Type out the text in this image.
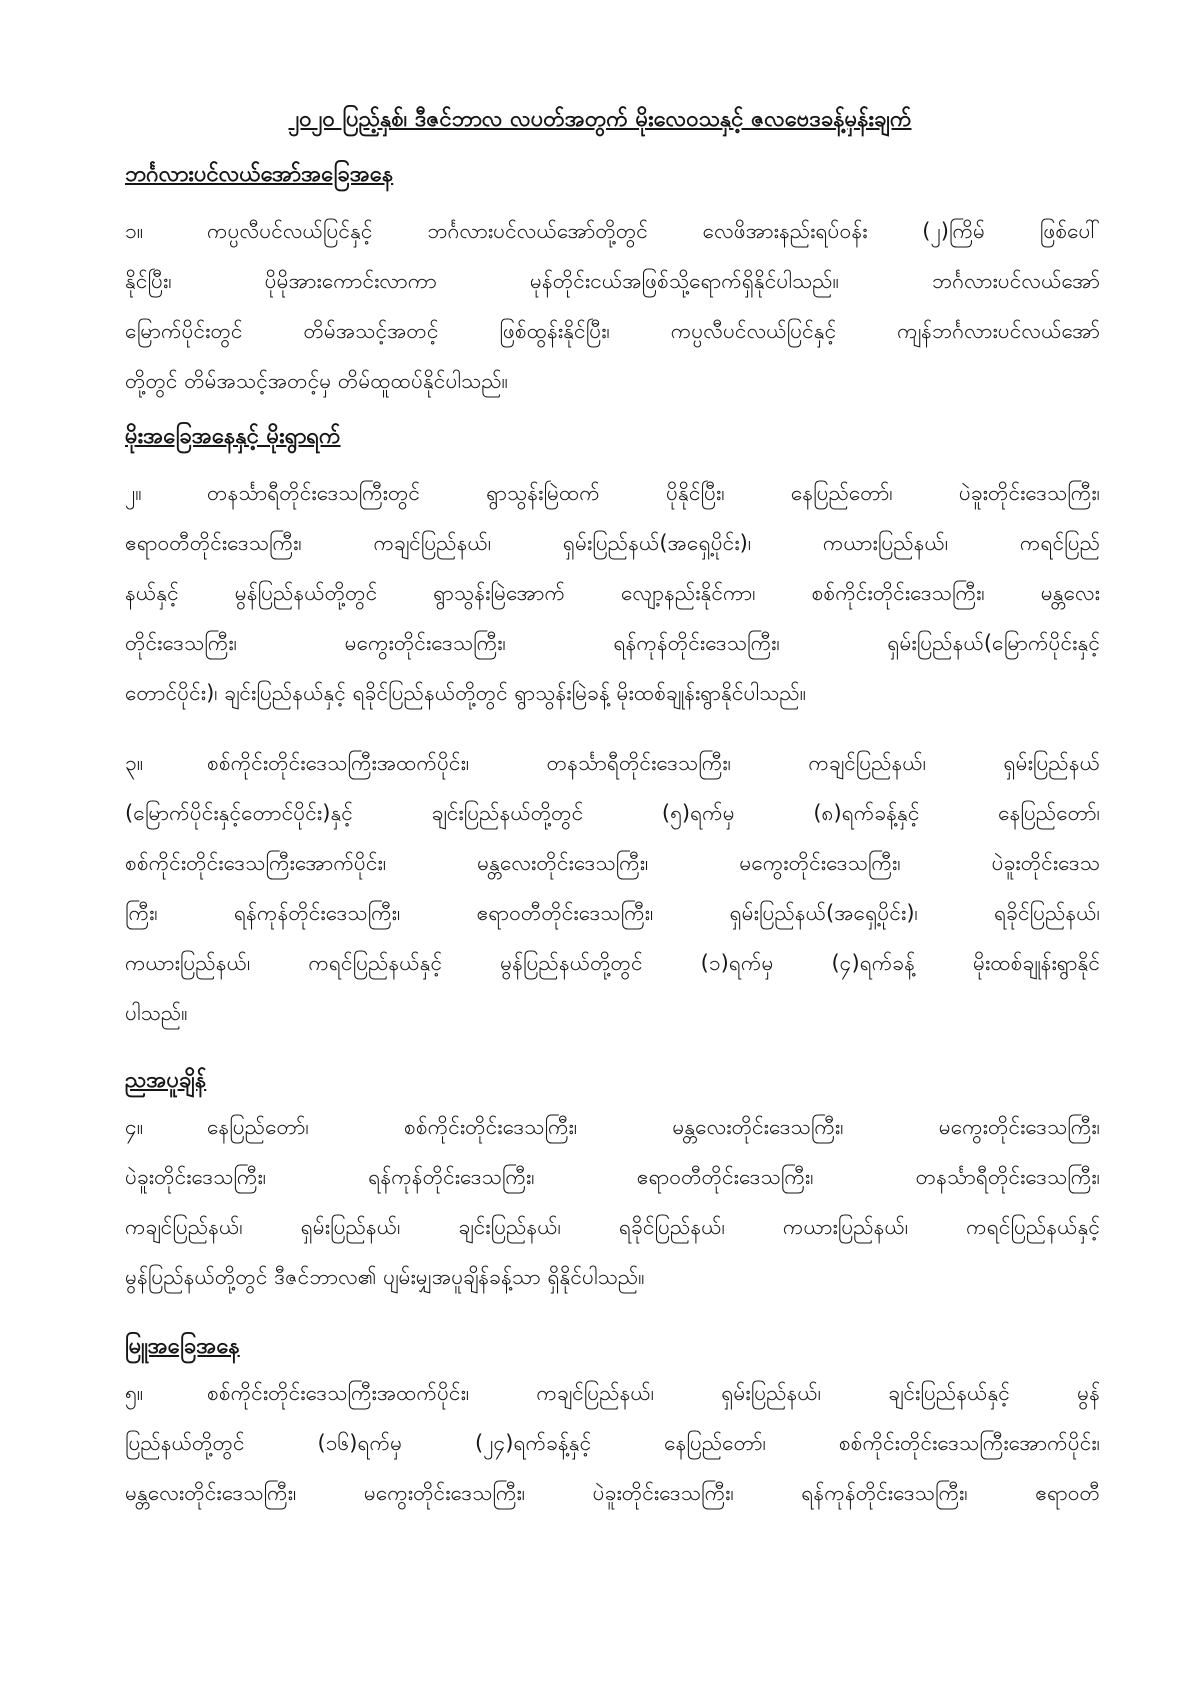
၂၀၂၀ ပြည့်နှစ်၊ ဒီဇင်ဘာလ လပတ်အတွက် မိုးလေဝသနှင့် ဇလဗေဒခန့်မှန်းချက်
ဘင်္ဂလားပင်လယ်အော်အခြေအနေ
၁။	ကပ္ပလီပင်လယ်ပြင်နှင့် ဘင်္ဂလားပင်လယ်အော်တို့တွင် လေဖိအားနည်းရပ်ဝန်း (၂)ကြိမ် ဖြစ်ပေါ်
နိုင်ပြီး၊ ပိုမိုအားကောင်းလာကာ မုန်တိုင်းငယ်အဖြစ်သို့ရောက်ရှိနိုင်ပါသည်။ ဘင်္ဂလားပင်လယ်အော်
မြောက်ပိုင်းတွင် တိမ်အသင့်အတင့် ဖြစ်ထွန်းနိုင်ပြီး၊ ကပ္ပလီပင်လယ်ပြင်နှင့် ကျန်ဘင်္ဂလားပင်လယ်အော်
တို့တွင် တိမ်အသင့်အတင့်မှ တိမ်ထူထပ်နိုင်ပါသည်။
မိုးအခြေအနေနှင့် မိုးရွာရက်
၂။	တနင်္သာရီတိုင်းဒေသကြီးတွင် ရွာသွန်းမြဲထက် ပိုနိုင်ပြီး၊ နေပြည်တော်၊ ပဲခူးတိုင်းဒေသကြီး၊
ဧရာဝတီတိုင်းဒေသကြီး၊ ကချင်ပြည်နယ်၊ ရှမ်းပြည်နယ်(အရှေ့ပိုင်း)၊ ကယားပြည်နယ်၊ ကရင်ပြည်
နယ်နှင့် မွန်ပြည်နယ်တို့တွင် ရွာသွန်းမြဲအောက် လျော့နည်းနိုင်ကာ၊ စစ်ကိုင်းတိုင်းဒေသကြီး၊ မန္တလေး
တိုင်းဒေသကြီး၊ မကွေးတိုင်းဒေသကြီး၊ ရန်ကုန်တိုင်းဒေသကြီး၊ ရှမ်းပြည်နယ်(မြောက်ပိုင်းနှင့်
တောင်ပိုင်း)၊ ချင်းပြည်နယ်နှင့် ရခိုင်ပြည်နယ်တို့တွင် ရွာသွန်းမြဲခန့် မိုးထစ်ချုန်းရွာနိုင်ပါသည်။
၃။	စစ်ကိုင်းတိုင်းဒေသကြီးအထက်ပိုင်း၊ တနင်္သာရီတိုင်းဒေသကြီး၊ ကချင်ပြည်နယ်၊ ရှမ်းပြည်နယ်
(မြောက်ပိုင်းနှင့်တောင်ပိုင်း)နှင့် ချင်းပြည်နယ်တို့တွင် (၅)ရက်မှ (၈)ရက်ခန့်နှင့် နေပြည်တော်၊
စစ်ကိုင်းတိုင်းဒေသကြီးအောက်ပိုင်း၊ မန္တလေးတိုင်းဒေသကြီး၊ မကွေးတိုင်းဒေသကြီး၊ ပဲခူးတိုင်းဒေသ
ကြီး၊ ရန်ကုန်တိုင်းဒေသကြီး၊ ဧရာဝတီတိုင်းဒေသကြီး၊ ရှမ်းပြည်နယ်(အရှေ့ပိုင်း)၊ ရခိုင်ပြည်နယ်၊
ကယားပြည်နယ်၊ ကရင်ပြည်နယ်နှင့် မွန်ပြည်နယ်တို့တွင် (၁)ရက်မှ (၄)ရက်ခန့် မိုးထစ်ချုန်းရွာနိုင်
ပါသည်။
ညအပူချိန်
၄။	နေပြည်တော်၊ စစ်ကိုင်းတိုင်းဒေသကြီး၊ မန္တလေးတိုင်းဒေသကြီး၊ မကွေးတိုင်းဒေသကြီး၊
ပဲခူးတိုင်းဒေသကြီး၊ ရန်ကုန်တိုင်းဒေသကြီး၊ ဧရာဝတီတိုင်းဒေသကြီး၊ တနင်္သာရီတိုင်းဒေသကြီး၊
ကချင်ပြည်နယ်၊ ရှမ်းပြည်နယ်၊ ချင်းပြည်နယ်၊ ရခိုင်ပြည်နယ်၊ ကယားပြည်နယ်၊ ကရင်ပြည်နယ်နှင့်
မွန်ပြည်နယ်တို့တွင် ဒီဇင်ဘာလ၏ ပျမ်းမျှအပူချိန်ခန့်သာ ရှိနိုင်ပါသည်။
မြူအခြေအနေ
၅။	စစ်ကိုင်းတိုင်းဒေသကြီးအထက်ပိုင်း၊ ကချင်ပြည်နယ်၊ ရှမ်းပြည်နယ်၊ ချင်းပြည်နယ်နှင့် မွန်
ပြည်နယ်တို့တွင် (၁၆)ရက်မှ (၂၄)ရက်ခန့်နှင့် နေပြည်တော်၊ စစ်ကိုင်းတိုင်းဒေသကြီးအောက်ပိုင်း၊
မန္တလေးတိုင်းဒေသကြီး၊ မကွေးတိုင်းဒေသကြီး၊ ပဲခူးတိုင်းဒေသကြီး၊ ရန်ကုန်တိုင်းဒေသကြီး၊ ဧရာဝတီ
